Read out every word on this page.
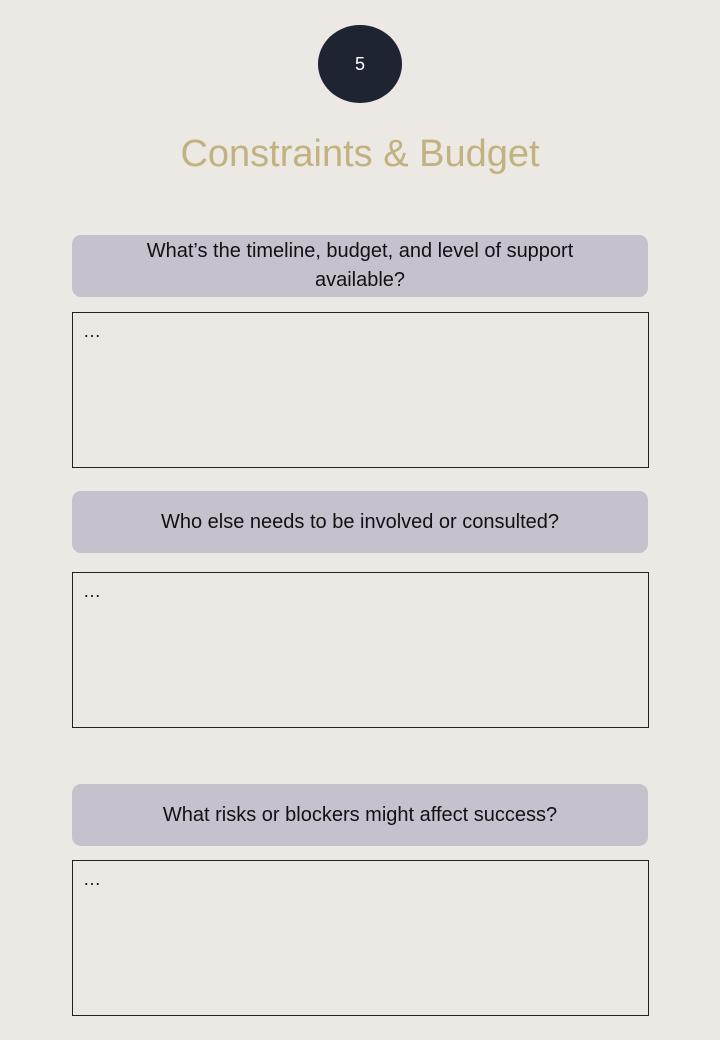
5
Constraints & Budget
What’s the timeline, budget, and level of support available?
…
Who else needs to be involved or consulted?
…
What risks or blockers might affect success?
…
